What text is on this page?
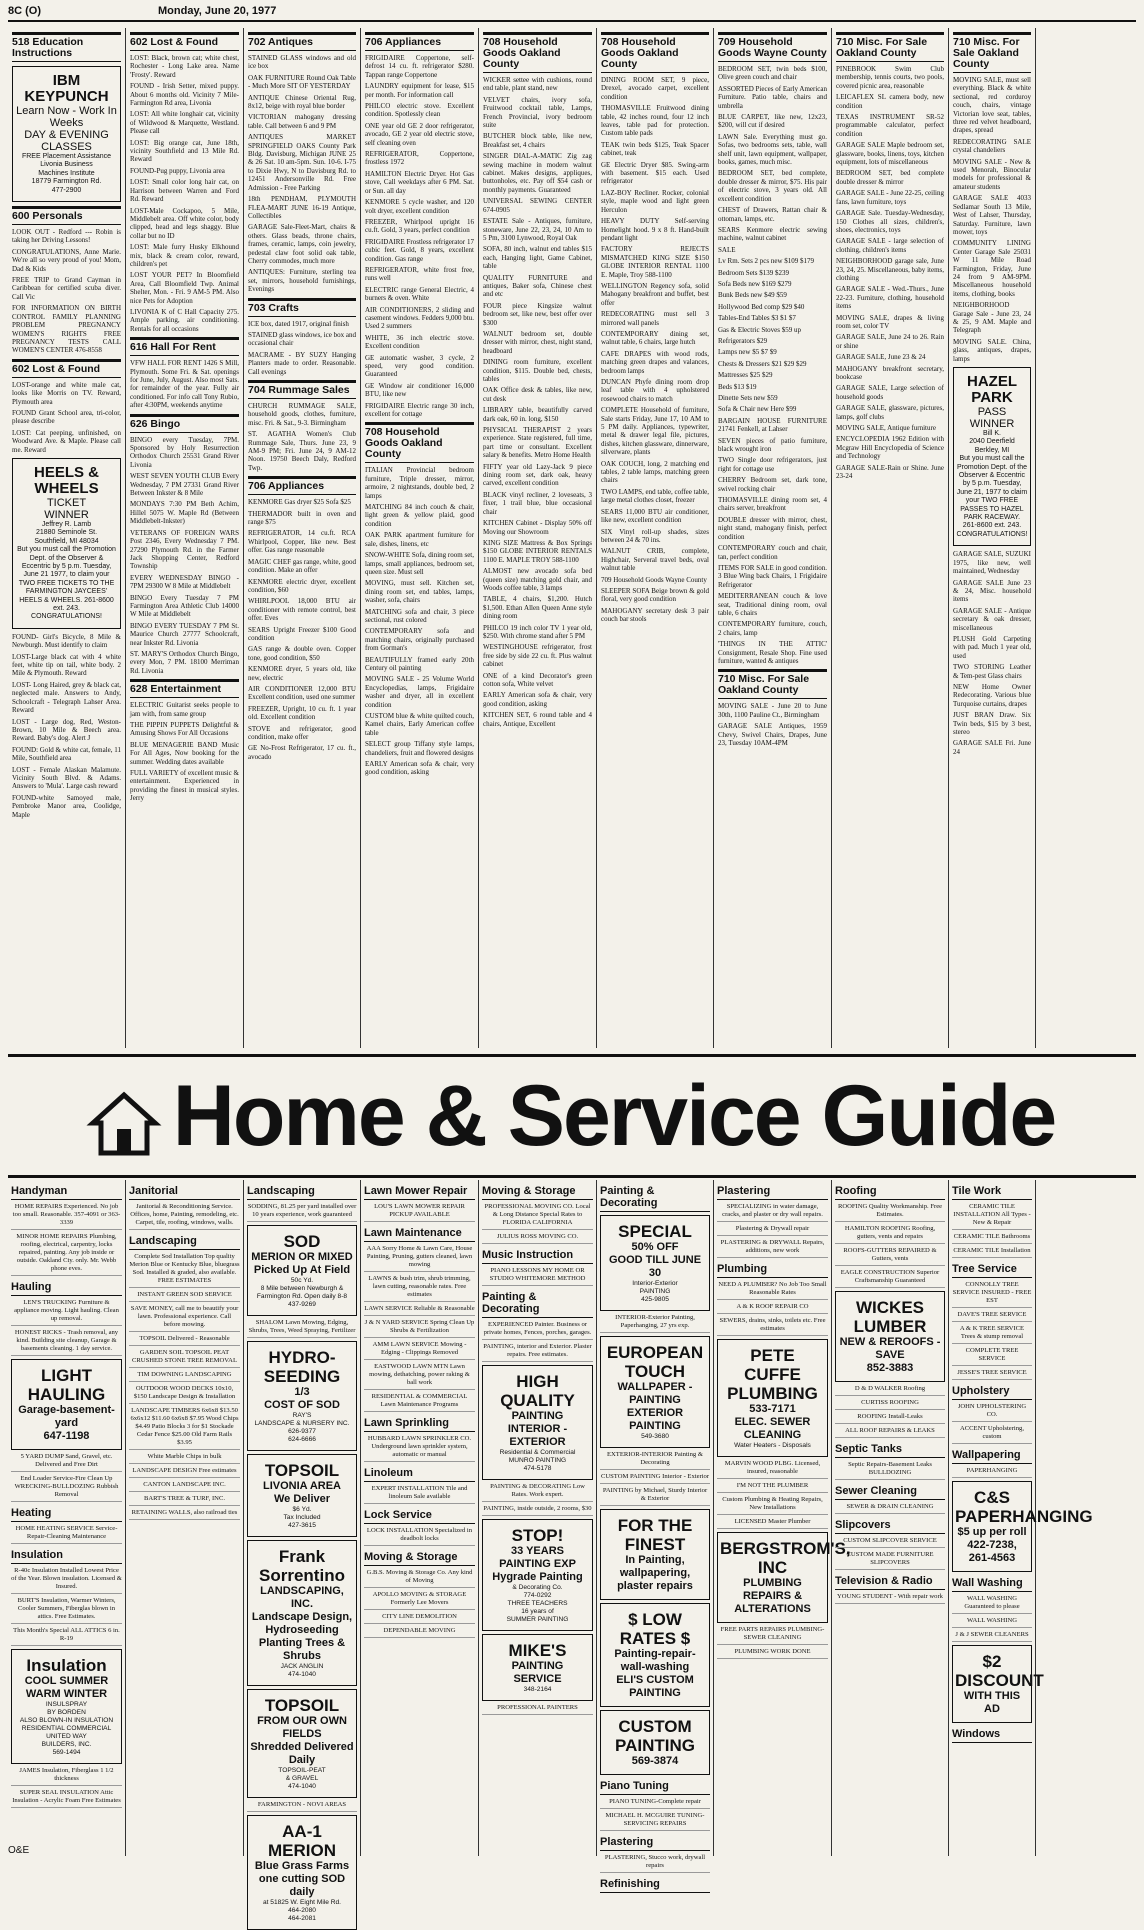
8C (O)	Monday, June 20, 1977
518 Education Instructions
IBM KEYPUNCH
Learn Now - Work In Weeks
DAY & EVENING CLASSES
FREE Placement Assistance
Livonia Business
Machines Institute
18779 Farmington Rd.
477-2900
600 Personals
LOOK OUT - Redford --- Robin is taking her Driving Lessons!
CONGRATULATIONS, Anne Marie. We're all so very proud of you! Mom, Dad & Kids
FREE TRIP to Grand Cayman in Caribbean for certified scuba diver. Call Vic
FOR INFORMATION ON BIRTH CONTROL FAMILY PLANNING PROBLEM PREGNANCY WOMEN'S RIGHTS FREE PREGNANCY TESTS CALL WOMEN'S CENTER 476-8558
602 Lost & Found
LOST-orange and white male cat, looks like Morris on TV. Reward, Plymouth area
FOUND Grant School area, tri-color, please describe
LOST: Cat peeping, unfinished, on Woodward Ave. & Maple. Please call me. Reward
HEELS & WHEELS
TICKET
WINNER
Jeffrey R. Lamb
21880 Seminole St.
Southfield, MI 48034
But you must call the Promotion Dept. of the Observer & Eccentric by 5 p.m. Tuesday, June 21 1977, to claim your TWO FREE TICKETS TO THE FARMINGTON JAYCEES' HEELS & WHEELS. 261-8600 ext. 243.
CONGRATULATIONS!
FOUND- Girl's Bicycle, 8 Mile & Newburgh. Must identify to claim
LOST-Large black cat with 4 white feet, white tip on tail, white body. 2 Mile & Plymouth. Reward
LOST- Long Haired, grey & black cat, neglected male. Answers to Andy, Schoolcraft - Telegraph Lahser Area. Reward
LOST - Large dog, Red, Weston- Brown, 10 Mile & Beech area. Reward. Baby's dog. Alert J
FOUND: Gold & white cat, female, 11 Mile, Southfield area
LOST - Female Alaskan Malamute. Vicinity South Blvd. & Adams. Answers to 'Mula'. Large cash reward
FOUND-white Samoyed male, Pembroke Manor area, Coolidge, Maple
602 Lost & Found
LOST: Black, brown cat; white chest, Rochester - Long Lake area. Name 'Frosty'. Reward
FOUND - Irish Setter, mixed puppy. About 6 months old. Vicinity 7 Mile-Farmington Rd area, Livonia
LOST: All white longhair cat, vicinity of Wildwood & Marquette, Westland. Please call
LOST: Big orange cat, June 18th, vicinity Southfield and 13 Mile Rd. Reward
FOUND-Pug puppy, Livonia area
LOST: Small color long hair cat, on Harrison between Warren and Ford Rd. Reward
LOST-Male Cockapoo, 5 Mile, Middlebelt area. Off white color, body clipped, head and legs shaggy. Blue collar but no ID
LOST: Male furry Husky Elkhound mix, black & cream color, reward, children's pet
LOST YOUR PET? In Bloomfield Area, Call Bloomfield Twp. Animal Shelter, Mon. - Fri. 9 AM-5 PM. Also nice Pets for Adoption
LIVONIA K of C Hall Capacity 275. Ample parking, air conditioning. Rentals for all occasions
616 Hall For Rent
VFW HALL FOR RENT 1426 S Mill, Plymouth. Some Fri. & Sat. openings for June, July, August. Also most Sats. for remainder of the year. Fully air conditioned. For info call Tony Rubio, after 4:30PM, weekends anytime
626 Bingo
BINGO every Tuesday, 7PM. Sponsored by Holy Resurrection Orthodox Church 25531 Grand River Livonia
WEST SEVEN YOUTH CLUB Every Wednesday, 7 PM 27331 Grand River Between Inkster & 8 Mile
MONDAYS 7:30 PM Beth Achim, Hillel 5075 W. Maple Rd (Between Middlebelt-Inkster)
VETERANS OF FOREIGN WARS Post 2346, Every Wednesday 7 PM. 27290 Plymouth Rd. in the Farmer Jack Shopping Center, Redford Township
EVERY WEDNESDAY BINGO - 7PM 29300 W 8 Mile at Middlebelt
BINGO Every Tuesday 7 PM Farmington Area Athletic Club 14000 W Mile at Middlebelt
BINGO EVERY TUESDAY 7 PM St. Maurice Church 27777 Schoolcraft, near Inkster Rd. Livonia
ST. MARY'S Orthodox Church Bingo, every Mon, 7 PM. 18100 Merriman Rd. Livonia
628 Entertainment
ELECTRIC Guitarist seeks people to jam with, from same group
THE PIPPIN PUPPETS Delightful & Amusing Shows For All Occasions
BLUE MENAGERIE BAND Music For All Ages, Now booking for the summer. Wedding dates available
FULL VARIETY of excellent music & entertainment. Experienced in providing the finest in musical styles. Jerry
702 Antiques
STAINED GLASS windows and old ice box
OAK FURNITURE Round Oak Table - Much More SIT OF YESTERDAY
ANTIQUE Chinese Oriental Rug, 8x12, beige with royal blue border
VICTORIAN mahogany dressing table. Call between 6 and 9 PM
ANTIQUES MARKET SPRINGFIELD OAKS County Park Bldg. Davisburg, Michigan JUNE 25 & 26 Sat. 10 am-5pm. Sun. 10-6. I-75 to Dixie Hwy, N to Davisburg Rd. to 12451 Andersonville Rd. Free Admission - Free Parking
18th PENDHAM, PLYMOUTH FLEA-MART JUNE 16-19 Antique, Collectibles
GARAGE Sale-Fleet-Mart, chairs & others. Glass beads, throne chairs, frames, ceramic, lamps, coin jewelry, pedestal claw foot solid oak table, Cherry commodes, much more
ANTIQUES: Furniture, sterling tea set, mirrors, household furnishings, Evenings
703 Crafts
ICE box, dated 1917, original finish
STAINED glass windows, ice box and occasional chair
MACRAME - BY SUZY Hanging Planters made to order. Reasonable. Call evenings
704 Rummage Sales
CHURCH RUMMAGE SALE, household goods, clothes, furniture, misc. Fri. & Sat., 9-3. Birmingham
ST. AGATHA Women's Club Rummage Sale, Thurs. June 23, 9 AM-9 PM; Fri. June 24, 9 AM-12 Noon. 19750 Beech Daly, Redford Twp.
706 Appliances
KENMORE Gas dryer $25 Sofa $25
THERMADOR built in oven and range $75
REFRIGERATOR, 14 cu.ft. RCA Whirlpool, Copper, like new. Best offer. Gas range reasonable
MAGIC CHEF gas range, white, good condition. Make an offer
KENMORE electric dryer, excellent condition, $60
WHIRLPOOL 18,000 BTU air conditioner with remote control, best offer. Eves
SEARS Upright Freezer $100 Good condition
GAS range & double oven. Copper tone, good condition, $50
KENMORE dryer, 5 years old, like new, electric
AIR CONDITIONER 12,000 BTU Excellent condition, used one summer
FREEZER, Upright, 10 cu. ft. 1 year old. Excellent condition
STOVE and refrigerator, good condition, make offer
GE No-Frost Refrigerator, 17 cu. ft., avocado
706 Appliances
FRIGIDAIRE Coppertone, self-defrost 14 cu. ft. refrigerator $280. Tappan range Coppertone
LAUNDRY equipment for lease, $15 per month. For information call
PHILCO electric stove. Excellent condition. Spotlessly clean
ONE year old GE 2 door refrigerator, avocado, GE 2 year old electric stove, self cleaning oven
REFRIGERATOR, Coppertone, frostless 1972
HAMILTON Electric Dryer. Hot Gas stove, Call weekdays after 6 PM. Sat. or Sun. all day
KENMORE 5 cycle washer, and 120 volt dryer, excellent condition
FREEZER, Whirlpool upright 16 cu.ft. Gold, 3 years, perfect condition
FRIGIDAIRE Frostless refrigerator 17 cubic feet. Gold, 8 years, excellent condition. Gas range
REFRIGERATOR, white frost free, runs well
ELECTRIC range General Electric, 4 burners & oven. White
AIR CONDITIONERS, 2 sliding and casement windows. Fedders 9,000 btu. Used 2 summers
WHITE, 36 inch electric stove. Excellent condition
GE automatic washer, 3 cycle, 2 speed, very good condition. Guaranteed
GE Window air conditioner 16,000 BTU, like new
FRIGIDAIRE Electric range 30 inch, excellent for cottage
708 Household Goods Oakland County
ITALIAN Provincial bedroom furniture, Triple dresser, mirror, armoire, 2 nightstands, double bed, 2 lamps
MATCHING 84 inch couch & chair, light green & yellow plaid, good condition
OAK PARK apartment furniture for sale, dishes, linens, etc
SNOW-WHITE Sofa, dining room set, lamps, small appliances, bedroom set, queen size. Must sell
MOVING, must sell. Kitchen set, dining room set, end tables, lamps, washer, sofa, chairs
MATCHING sofa and chair, 3 piece sectional, rust colored
CONTEMPORARY sofa and matching chairs, originally purchased from Gorman's
BEAUTIFULLY framed early 20th Century oil painting
MOVING SALE - 25 Volume World Encyclopedias, lamps, Frigidaire washer and dryer, all in excellent condition
CUSTOM blue & white quilted couch, Kamel chairs, Early American coffee table
SELECT group Tiffany style lamps, chandeliers, fruit and flowered designs
EARLY American sofa & chair, very good condition, asking
708 Household Goods Oakland County
WICKER settee with cushions, round end table, plant stand, new
VELVET chairs, ivory sofa, Fruitwood cocktail table, Lamps, French Provincial, ivory bedroom suite
BUTCHER block table, like new, Breakfast set, 4 chairs
SINGER DIAL-A-MATIC Zig zag sewing machine in modern walnut cabinet. Makes designs, appliques, buttonholes, etc. Pay off $54 cash or monthly payments. Guaranteed
UNIVERSAL SEWING CENTER 674-0905
ESTATE Sale - Antiques, furniture, stoneware, June 22, 23, 24, 10 Am to 5 Pm, 3100 Lynwood, Royal Oak
SOFA, 80 inch, walnut end tables $15 each, Hanging light, Game Cabinet, table
QUALITY FURNITURE and antiques, Baker sofa, Chinese chest and etc
FOUR piece Kingsize walnut bedroom set, like new, best offer over $300
WALNUT bedroom set, double dresser with mirror, chest, night stand, headboard
DINING room furniture, excellent condition, $115. Double bed, chests, tables
OAK Office desk & tables, like new, cut desk
LIBRARY table, beautifully carved dark oak, 60 in. long, $150
PHYSICAL THERAPIST 2 years experience. State registered, full time, part time or consultant. Excellent salary & benefits. Metro Home Health
FIFTY year old Lazy-Jack 9 piece dining room set, dark oak, heavy carved, excellent condition
BLACK vinyl recliner, 2 loveseats, 3 fixer, 1 trail blue, blue occasional chair
KITCHEN Cabinet - Display 50% off Moving our Showroom
KING SIZE Mattress & Box Springs $150 GLOBE INTERIOR RENTALS 1100 E. MAPLE TROY 588-1100
ALMOST new avocado sofa bed (queen size) matching gold chair, and Woods coffee table, 3 lamps
TABLE, 4 chairs, $1,200. Hutch $1,500. Ethan Allen Queen Anne style dining room
PHILCO 19 inch color TV 1 year old, $250. With chrome stand after 5 PM
WESTINGHOUSE refrigerator, frost free side by side 22 cu. ft. Plus walnut cabinet
ONE of a kind Decorator's green cotton sofa, White velvet
EARLY American sofa & chair, very good condition, asking
KITCHEN SET, 6 round table and 4 chairs, Antique, Excellent
708 Household Goods Oakland County
DINING ROOM SET, 9 piece, Drexel, avocado carpet, excellent condition
THOMASVILLE Fruitwood dining table, 42 inches round, four 12 inch leaves, table pad for protection. Custom table pads
TEAK twin beds $125, Teak Spacer cabinet, teak
GE Electric Dryer $85. Swing-arm with basement. $15 each. Used refrigerator
LAZ-BOY Recliner. Rocker, colonial style, maple wood and light green Herculon
HEAVY DUTY Self-serving Homelight hood. 9 x 8 ft. Hand-built pendant light
FACTORY REJECTS MISMATCHED KING SIZE $150 GLOBE INTERIOR RENTAL 1100 E. Maple, Troy 588-1100
WELLINGTON Regency sofa, solid Mahogany breakfront and buffet, best offer
REDECORATING must sell 3 mirrored wall panels
CONTEMPORARY dining set, walnut table, 6 chairs, large hutch
CAFE DRAPES with wood rods, matching green drapes and valances, bedroom lamps
DUNCAN Phyfe dining room drop leaf table with 4 upholstered rosewood chairs to match
COMPLETE Household of furniture, Sale starts Friday, June 17, 10 AM to 5 PM daily. Appliances, typewriter, metal & drawer legal file, pictures, dishes, kitchen glassware, dinnerware, silverware, plants
OAK COUCH, long, 2 matching end tables, 2 table lamps, matching green chairs
TWO LAMPS, end table, coffee table, large metal clothes closet, freezer
SEARS 11,000 BTU air conditioner, like new, excellent condition
SIX Vinyl roll-up shades, sizes between 24 & 70 ins.
WALNUT CRIB, complete, Highchair, Serveral travel beds, oval walnut table
709 Household Goods Wayne County
SLEEPER SOFA Beige brown & gold floral, very good condition
MAHOGANY secretary desk 3 pair couch bar stools
709 Household Goods Wayne County
BEDROOM SET, twin beds $100, Olive green couch and chair
ASSORTED Pieces of Early American Furniture. Patio table, chairs and umbrella
BLUE CARPET, like new, 12x23, $200, will cut if desired
LAWN Sale. Everything must go. Sofas, two bedrooms sets, table, wall shelf unit, lawn equipment, wallpaper, books, games, much misc.
BEDROOM SET, bed complete, double dresser & mirror, $75. His pair of electric stove, 3 years old. All excellent condition
CHEST of Drawers, Rattan chair & ottoman, lamps, etc.
SEARS Kenmore electric sewing machine, walnut cabinet
SALE
Lv Rm. Sets 2 pcs new $109 $179
Bedroom Sets $139 $239
Sofa Beds new $169 $279
Bunk Beds new $49 $59
Hollywood Bed comp $29 $40
Tables-End Tables $3 $1 $7
Gas & Electric Stoves $59 up
Refrigerators $29
Lamps new $5 $7 $9
Chests & Dressers $21 $29 $29
Mattresses $25 $29
Beds $13 $19
Dinette Sets new $59
Sofa & Chair new Here $99
BARGAIN HOUSE FURNITURE 21741 Fenkell, at Lahser
SEVEN pieces of patio furniture, black wrought iron
TWO Single door refrigerators, just right for cottage use
CHERRY Bedroom set, dark tone, swivel rocking chair
THOMASVILLE dining room set, 4 chairs server, breakfront
DOUBLE dresser with mirror, chest, night stand, mahogany finish, perfect condition
CONTEMPORARY couch and chair, tan, perfect condition
ITEMS FOR SALE in good condition. 3 Blue Wing back Chairs, 1 Frigidaire Refrigerator
MEDITERRANEAN couch & love seat, Traditional dining room, oval table, 6 chairs
CONTEMPORARY furniture, couch, 2 chairs, lamp
'THINGS IN THE ATTIC' Consignment, Resale Shop. Fine used furniture, wanted & antiques
710 Misc. For Sale Oakland County
MOVING SALE - June 20 to June 30th, 1100 Pauline Ct., Birmingham
GARAGE SALE Antiques, 1959 Chevy, Swivel Chairs, Drapes, June 23, Tuesday 10AM-4PM
710 Misc. For Sale Oakland County
PINEBROOK Swim Club membership, tennis courts, two pools, covered picnic area, reasonable
LEICAFLEX SL camera body, new condition
TEXAS INSTRUMENT SR-52 programmable calculator, perfect condition
GARAGE SALE Maple bedroom set, glassware, books, linens, toys, kitchen equipment, lots of miscellaneous
BEDROOM SET, bed complete double dresser & mirror
GARAGE SALE - June 22-25, ceiling fans, lawn furniture, toys
GARAGE Sale. Tuesday-Wednesday, 150 Clothes all sizes, children's, shoes, electronics, toys
GARAGE SALE - large selection of clothing, children's items
NEIGHBORHOOD garage sale, June 23, 24, 25. Miscellaneous, baby items, clothing
GARAGE SALE - Wed.-Thurs., June 22-23. Furniture, clothing, household items
MOVING SALE, drapes & living room set, color TV
GARAGE SALE, June 24 to 26. Rain or shine
GARAGE SALE, June 23 & 24
MAHOGANY breakfront secretary, bookcase
GARAGE SALE, Large selection of household goods
GARAGE SALE, glassware, pictures, lamps, golf clubs
MOVING SALE, Antique furniture
ENCYCLOPEDIA 1962 Edition with Mcgraw Hill Encyclopedia of Science and Technology
GARAGE SALE-Rain or Shine. June 23-24
710 Misc. For Sale Oakland County
MOVING SALE, must sell everything. Black & white sectional, red corduroy couch, chairs, vintage Victorian love seat, tables, three red velvet headboard, drapes, spread
REDECORATING SALE crystal chandeliers
MOVING SALE - New & used Menorah, Binocular models for professional & amateur students
GARAGE SALE 4033 Sedlamar South 13 Mile, West of Lahser, Thursday, Saturday. Furniture, lawn mower, toys
COMMUNITY LINING Center Garage Sale 25031 W 11 Mile Road Farmington, Friday, June 24 from 9 AM-9PM. Miscellaneous household items, clothing, books
NEIGHBORHOOD Garage Sale - June 23, 24 & 25, 9 AM. Maple and Telegraph
MOVING SALE. China, glass, antiques, drapes, lamps
HAZEL PARK
PASS
WINNER
Bill K.
2040 Deerfield
Berkley, MI
But you must call the Promotion Dept. of the Observer & Eccentric by 5 p.m. Tuesday, June 21, 1977 to claim your TWO FREE PASSES TO HAZEL PARK RACEWAY. 261-8600 ext. 243.
CONGRATULATIONS!
GARAGE SALE, SUZUKI 1975, like new, well maintained, Wednesday
GARAGE SALE June 23 & 24, Misc. household items
GARAGE SALE - Antique secretary & oak dresser, miscellaneous
PLUSH Gold Carpeting with pad. Much 1 year old, used
TWO STORING Leather & Tem-pest Glass chairs
NEW Home Owner Redecorating. Various blue Turquoise curtains, drapes
JUST BRAN Draw. Six Twin beds, $15 by 3 best, stereo
GARAGE SALE Fri. June 24
Home & Service Guide
Handyman
HOME REPAIRS Experienced. No job too small. Reasonable. 357-4091 or 363-3339
MINOR HOME REPAIRS Plumbing, roofing, electrical, carpentry, locks repaired, painting. Any job inside or outside. Oakland Cty. only. Mr. Webb phone eves.
Hauling
LEN'S TRUCKING Furniture & appliance moving. Light hauling. Clean up removal.
HONEST RICKS - Trash removal, any kind. Building site cleanup, Garage & basements cleaning. 1 day service.
LIGHT HAULING
Garage-basement-yard
647-1198
5 YARD DUMP Sand, Gravel, etc. Delivered and Free Dirt
End Loader Service-Fire Clean Up WRECKING-BULLDOZING Rubbish Removal
Heating
HOME HEATING SERVICE Service-Repair-Cleaning Maintenance
Insulation
R-40c Insulation Installed Lowest Price of the Year. Blown insulation. Licensed & Insured.
BURT'S Insulation, Warmer Winters, Cooler Summers, Fiberglas blown in attics. Free Estimates.
This Month's Special ALL ATTICS 6 in. R-19
Insulation
COOL SUMMER
WARM WINTER
INSULSPRAY
BY BORDEN
ALSO BLOWN-IN INSULATION
RESIDENTIAL COMMERCIAL
UNITED WAY
BUILDERS, INC.
569-1494
JAMES Insulation, Fiberglass 1 1/2 thickness
SUPER SEAL INSULATION Attic Insulation - Acrylic Foam Free Estimates
Janitorial
Janitorial & Reconditioning Service. Offices, home, Painting, remodeling, etc. Carpet, tile, roofing, windows, walls.
Landscaping
Complete Sod Installation Top quality Merion Blue or Kentucky Blue, bluegrass Sod. Installed & graded, also available. FREE ESTIMATES
INSTANT GREEN SOD SERVICE
SAVE MONEY, call me to beautify your lawn. Professional experience. Call before mowing.
TOPSOIL Delivered - Reasonable
GARDEN SOIL TOPSOIL PEAT CRUSHED STONE TREE REMOVAL
TIM DOWNING LANDSCAPING
OUTDOOR WOOD DECKS 10x10, $150 Landscape Design & Installation
LANDSCAPE TIMBERS 6x6x8 $13.50 6x6x12 $11.60 6x6x8 $7.95 Wood Chips $4.49 Patio Blocks 3 for $1 Stockade Cedar Fence $25.00 Old Farm Rails $3.95
White Marble Chips in bulk
LANDSCAPE DESIGN Free estimates
CANTON LANDSCAPE INC.
BART'S TREE & TURF, INC.
RETAINING WALLS, also railroad ties
Landscaping
SODDING, 81.25 per yard installed over 10 years experience, work guaranteed
SOD
MERION OR MIXED
Picked Up At Field
50c Yd.
8 Mile between Newburgh & Farmington Rd. Open daily 8-8
437-9269
SHALOM Lawn Mowing, Edging, Shrubs, Trees, Weed Spraying, Fertilizer
HYDRO-SEEDING
1/3
COST OF SOD
RAY'S
LANDSCAPE & NURSERY INC.
626-9377
624-6666
TOPSOIL
LIVONIA AREA
We Deliver
$6 Yd.
Tax Included
427-3615
Frank Sorrentino
LANDSCAPING, INC.
Landscape Design, Hydroseeding Planting Trees & Shrubs
JACK ANGLIN
474-1040
TOPSOIL
FROM OUR OWN FIELDS
Shredded Delivered Daily
TOPSOIL-PEAT
& GRAVEL
474-1040
FARMINGTON - NOVI AREAS
AA-1 MERION
Blue Grass Farms
one cutting SOD daily
at 51825 W. Eight Mile Rd.
464-2080
464-2081
Lawn Mower Repair
LOU'S LAWN MOWER REPAIR PICKUP AVAILABLE
Lawn Maintenance
AAA Sorry Home & Lawn Care, House Painting, Pruning, gutters cleaned, lawn mowing
LAWNS & bush trim, shrub trimming, lawn cutting, reasonable rates. Free estimates
LAWN SERVICE Reliable & Reasonable
J & N YARD SERVICE Spring Clean Up Shrubs & Fertilization
AMM LAWN SERVICE Mowing - Edging - Clippings Removed
EASTWOOD LAWN MTN Lawn mowing, dethatching, power raking & ball work
RESIDENTIAL & COMMERCIAL Lawn Maintenance Programs
Lawn Sprinkling
HUBBARD LAWN SPRINKLER CO. Underground lawn sprinkler system, automatic or manual
Linoleum
EXPERT INSTALLATION Tile and linoleum Sale available
Lock Service
LOCK INSTALLATION Specialized in deadbolt locks
Moving & Storage
G.B.S. Moving & Storage Co. Any kind of Moving
APOLLO MOVING & STORAGE Formerly Lee Movers
CITY LINE DEMOLITION
DEPENDABLE MOVING
Moving & Storage
PROFESSIONAL MOVING CO. Local & Long Distance Special Rates to FLORIDA CALIFORNIA
JULIUS ROSS MOVING CO.
Music Instruction
PIANO LESSONS MY HOME OR STUDIO WHITEMORE METHOD
Painting & Decorating
EXPERIENCED Painter. Business or private homes, Fences, porches, garages.
PAINTING, interior and Exterior. Plaster repairs. Free estimates.
HIGH QUALITY
PAINTING
INTERIOR - EXTERIOR
Residential & Commercial
MUNRO PAINTING
474-5178
PAINTING & DECORATING Low Rates. Work expert.
PAINTING, inside outside, 2 rooms, $30
STOP!
33 YEARS PAINTING EXP
Hygrade Painting
& Decorating Co.
774-0292
THREE TEACHERS
16 years of
SUMMER PAINTING
MIKE'S
PAINTING
SERVICE
348-2164
PROFESSIONAL PAINTERS
Painting & Decorating
SPECIAL
50% OFF
GOOD TILL JUNE 30
Interior-Exterior
PAINTING
425-9805
INTERIOR-Exterior Painting, Paperhanging, 27 yrs exp.
EUROPEAN TOUCH
WALLPAPER - PAINTING
EXTERIOR PAINTING
549-3680
EXTERIOR-INTERIOR Painting & Decorating
CUSTOM PAINTING Interior - Exterior
PAINTING by Michael, Sturdy Interior & Exterior
FOR THE FINEST
In Painting, wallpapering, plaster repairs
$ LOW RATES $
Painting-repair-wall-washing
ELI'S CUSTOM PAINTING
CUSTOM PAINTING
569-3874
Piano Tuning
PIANO TUNING-Complete repair
MICHAEL H. MCGUIRE TUNING-SERVICING REPAIRS
Plastering
PLASTERING, Stucco work, drywall repairs
Refinishing
Plastering
SPECIALIZING in water damage, cracks, and plaster or dry wall repairs.
Plastering & Drywall repair
PLASTERING & DRYWALL Repairs, additions, new work
Plumbing
NEED A PLUMBER? No Job Too Small Reasonable Rates
A & K ROOF REPAIR CO
SEWERS, drains, sinks, toilets etc. Free estimates
PETE CUFFE PLUMBING
533-7171
ELEC. SEWER CLEANING
Water Heaters - Disposals
MARVIN WOOD PLBG. Licensed, insured, reasonable
I'M NOT THE PLUMBER
Custom Plumbing & Heating Repairs, New Installations
LICENSED Master Plumber
BERGSTROM'S, INC
PLUMBING
REPAIRS & ALTERATIONS
FREE PARTS REPAIRS PLUMBING-SEWER CLEANING
PLUMBING WORK DONE
Roofing
ROOFING Quality Workmanship. Free Estimates.
HAMILTON ROOFING Roofing, gutters, vents and repairs
ROOFS-GUTTERS REPAIRED & Gutters, vents
EAGLE CONSTRUCTION Superior Craftsmanship Guaranteed
WICKES LUMBER
NEW & REROOFS - SAVE
852-3883
D & D WALKER Roofing
CURTISS ROOFING
ROOFING Install-Leaks
ALL ROOF REPAIRS & LEAKS
Septic Tanks
Septic Repairs-Basement Leaks BULLDOZING
Sewer Cleaning
SEWER & DRAIN CLEANING
Slipcovers
CUSTOM SLIPCOVER SERVICE
CUSTOM MADE FURNITURE SLIPCOVERS
Television & Radio
YOUNG STUDENT - With repair work
Tile Work
CERAMIC TILE INSTALLATION All Types - New & Repair
CERAMIC TILE Bathrooms
CERAMIC TILE Installation
Tree Service
CONNOLLY TREE SERVICE INSURED - FREE EST
DAVE'S TREE SERVICE
A & K TREE SERVICE Trees & stump removal
COMPLETE TREE SERVICE
JESSE'S TREE SERVICE
Upholstery
JOHN UPHOLSTERING CO.
ACCENT Upholstering, custom
Wallpapering
PAPERHANGING
C&S PAPERHANGING
$5 up per roll
422-7238, 261-4563
Wall Washing
WALL WASHING Guaranteed to please
WALL WASHING
J & J SEWER CLEANERS
$2 DISCOUNT
WITH THIS AD
Windows
O&E
